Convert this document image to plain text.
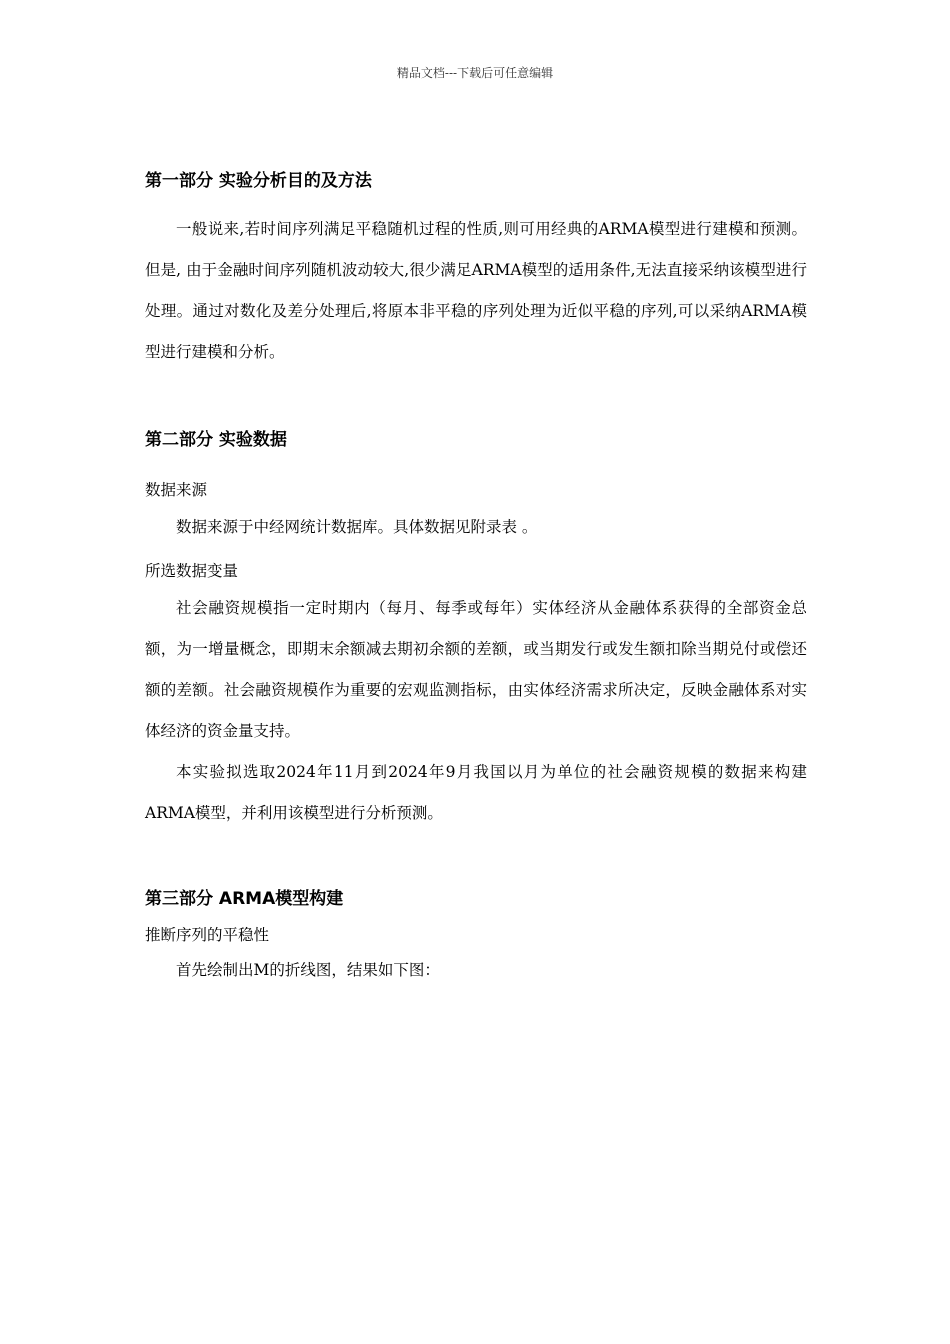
精品文档---下载后可任意编辑
第一部分 实验分析目的及方法

一般说来,若时间序列满足平稳随机过程的性质,则可用经典的ARMA模型进行建模和预测。但是, 由于金融时间序列随机波动较大,很少满足ARMA模型的适用条件,无法直接采纳该模型进行处理。通过对数化及差分处理后,将原本非平稳的序列处理为近似平稳的序列,可以采纳ARMA模型进行建模和分析。

第二部分 实验数据
数据来源

数据来源于中经网统计数据库。具体数据见附录表 。

所选数据变量

社会融资规模指一定时期内（每月、每季或每年）实体经济从金融体系获得的全部资金总额，为一增量概念，即期末余额减去期初余额的差额，或当期发行或发生额扣除当期兑付或偿还额的差额。社会融资规模作为重要的宏观监测指标，由实体经济需求所决定，反映金融体系对实体经济的资金量支持。

本实验拟选取2024年11月到2024年9月我国以月为单位的社会融资规模的数据来构建ARMA模型，并利用该模型进行分析预测。

第三部分 ARMA模型构建
推断序列的平稳性

首先绘制出M的折线图，结果如下图：
